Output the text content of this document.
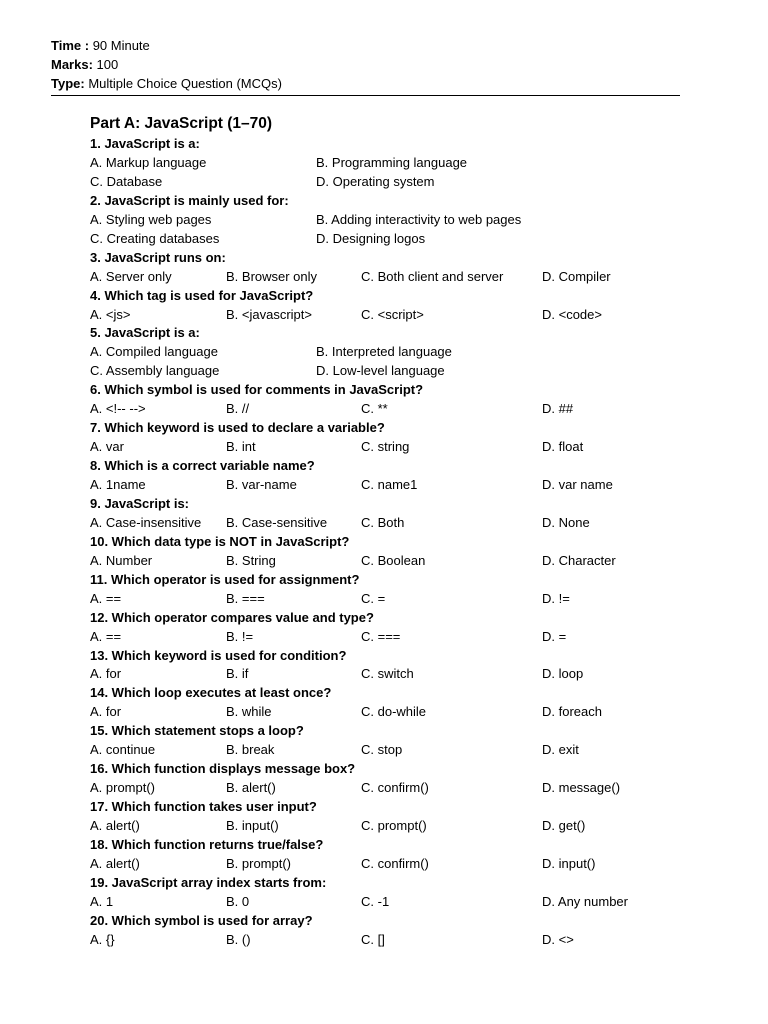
Time : 90 Minute
Marks: 100
Type: Multiple Choice Question (MCQs)
Part A: JavaScript (1–70)
1. JavaScript is a:
A. Markup language	B. Programming language
C. Database	D. Operating system
2. JavaScript is mainly used for:
A. Styling web pages	B. Adding interactivity to web pages
C. Creating databases	D. Designing logos
3. JavaScript runs on:
A. Server only	B. Browser only	C. Both client and server	D. Compiler
4. Which tag is used for JavaScript?
A. <js>	B. <javascript>	C. <script>	D. <code>
5. JavaScript is a:
A. Compiled language	B. Interpreted language
C. Assembly language	D. Low-level language
6. Which symbol is used for comments in JavaScript?
A. <!-- -->	B. //	C. **	D. ##
7. Which keyword is used to declare a variable?
A. var	B. int	C. string	D. float
8. Which is a correct variable name?
A. 1name	B. var-name	C. name1	D. var name
9. JavaScript is:
A. Case-insensitive B. Case-sensitive	C. Both	D. None
10. Which data type is NOT in JavaScript?
A. Number	B. String	C. Boolean	D. Character
11. Which operator is used for assignment?
A. ==	B. ===	C. =	D. !=
12. Which operator compares value and type?
A. ==	B. !=	C. ===	D. =
13. Which keyword is used for condition?
A. for	B. if	C. switch	D. loop
14. Which loop executes at least once?
A. for	B. while	C. do-while	D. foreach
15. Which statement stops a loop?
A. continue	B. break	C. stop	D. exit
16. Which function displays message box?
A. prompt()	B. alert()	C. confirm()	D. message()
17. Which function takes user input?
A. alert()	B. input()	C. prompt()	D. get()
18. Which function returns true/false?
A. alert()	B. prompt()	C. confirm()	D. input()
19. JavaScript array index starts from:
A. 1	B. 0	C. -1	D. Any number
20. Which symbol is used for array?
A. {}	B. ()	C. []	D. <>
